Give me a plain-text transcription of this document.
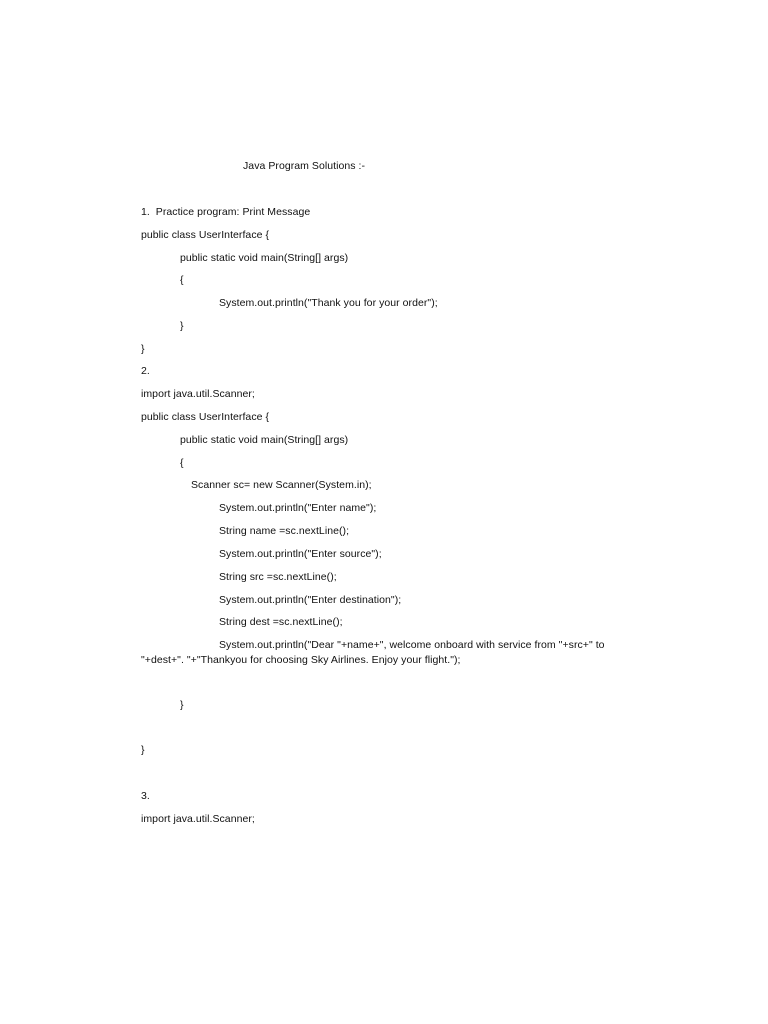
Java Program Solutions :-
1.  Practice program: Print Message
public class UserInterface {
public static void main(String[] args)
{
System.out.println("Thank you for your order");
}
}
2.
import java.util.Scanner;
public class UserInterface {
public static void main(String[] args)
{
Scanner sc= new Scanner(System.in);
System.out.println("Enter name");
String name =sc.nextLine();
System.out.println("Enter source");
String src =sc.nextLine();
System.out.println("Enter destination");
String dest =sc.nextLine();
System.out.println("Dear "+name+", welcome onboard with service from "+src+" to
"+dest+". "+"Thankyou for choosing Sky Airlines. Enjoy your flight.");
}
}
3.
import java.util.Scanner;
